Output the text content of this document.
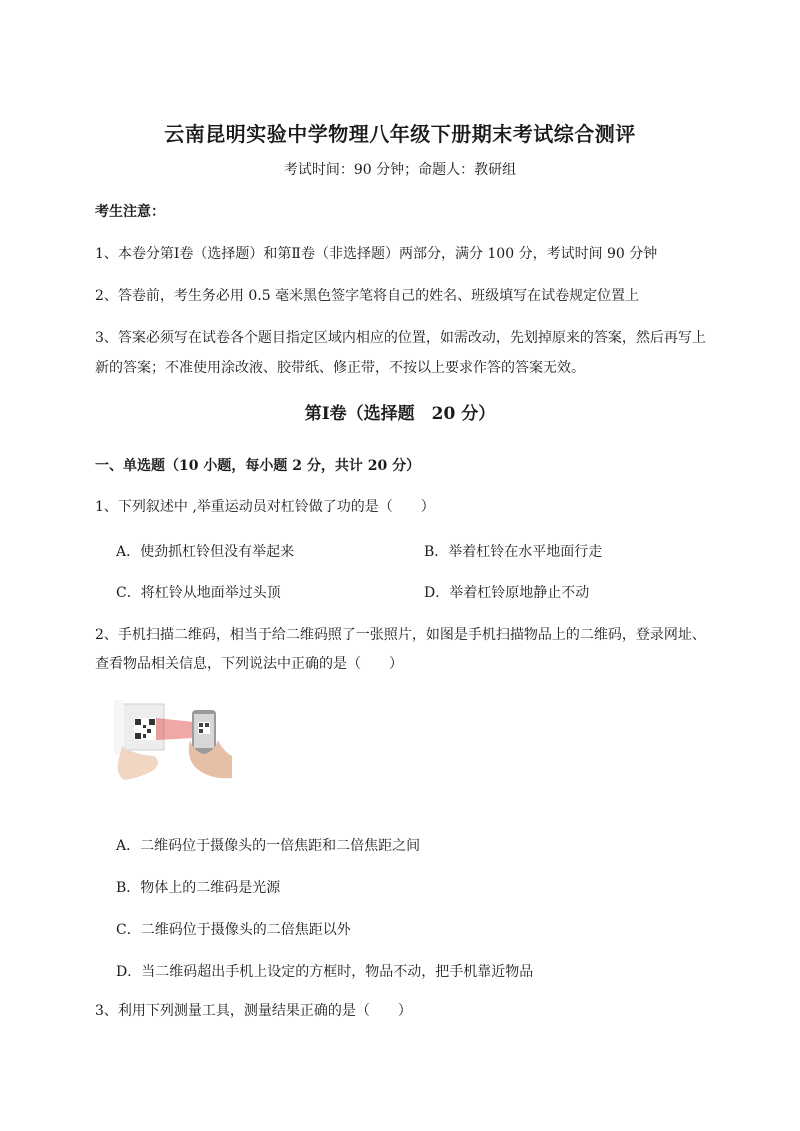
云南昆明实验中学物理八年级下册期末考试综合测评
考试时间：90 分钟；命题人：教研组
考生注意：
1、本卷分第Ⅰ卷（选择题）和第Ⅱ卷（非选择题）两部分，满分 100 分，考试时间 90 分钟
2、答卷前，考生务必用 0.5 毫米黑色签字笔将自己的姓名、班级填写在试卷规定位置上
3、答案必须写在试卷各个题目指定区域内相应的位置，如需改动，先划掉原来的答案，然后再写上新的答案；不准使用涂改液、胶带纸、修正带，不按以上要求作答的答案无效。
第Ⅰ卷（选择题　20 分）
一、单选题（10 小题，每小题 2 分，共计 20 分）
1、下列叙述中 ,举重运动员对杠铃做了功的是（　　）
A．使劲抓杠铃但没有举起来	B．举着杠铃在水平地面行走
C．将杠铃从地面举过头顶	D．举着杠铃原地静止不动
2、手机扫描二维码，相当于给二维码照了一张照片，如图是手机扫描物品上的二维码，登录网址、查看物品相关信息，下列说法中正确的是（　　）
A．二维码位于摄像头的一倍焦距和二倍焦距之间
B．物体上的二维码是光源
C．二维码位于摄像头的二倍焦距以外
D．当二维码超出手机上设定的方框时，物品不动，把手机靠近物品
3、利用下列测量工具，测量结果正确的是（　　）
